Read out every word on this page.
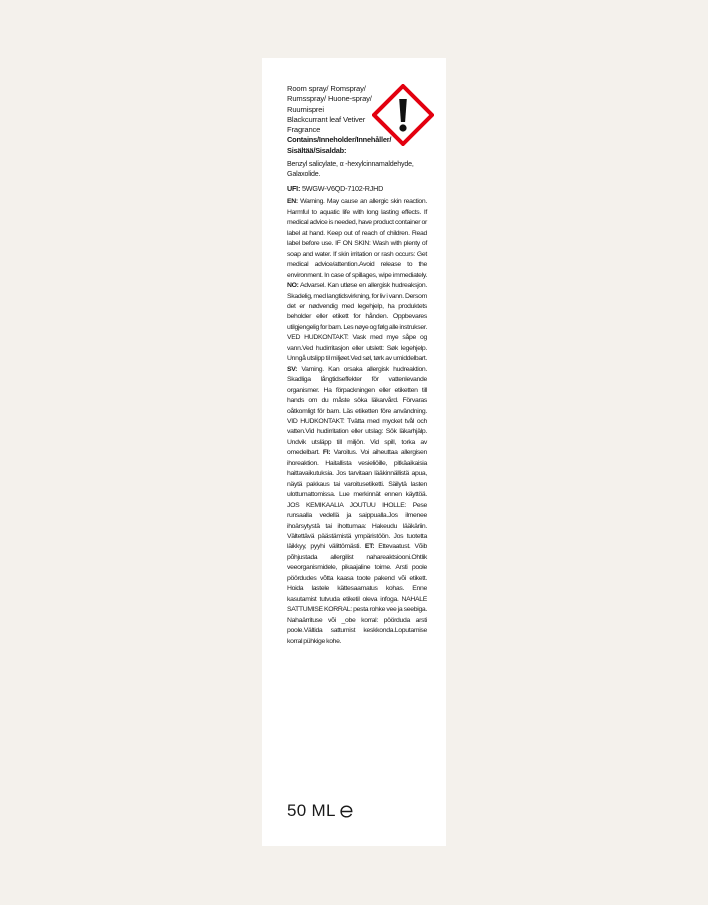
Room spray/ Romspray/
Rumsspray/ Huone-spray/
Ruumisprei
Blackcurrant leaf Vetiver
Fragrance
Contains/Inneholder/Innehåller/
Sisältää/Sisaldab:
Benzyl salicylate, α -hexylcinnamaldehyde, Galaxolide.
UFI: 5WGW-V6QD-7102-RJHD
EN: Warning. May cause an allergic skin reaction. Harmful to aquatic life with long lasting effects. If medical advice is needed, have product container or label at hand. Keep out of reach of children. Read label before use. IF ON SKIN: Wash with plenty of soap and water. If skin irritation or rash occurs: Get medical advice/attention.Avoid release to the environment. In case of spillages, wipe immediately. NO: Advarsel. Kan utløse en allergisk hudreaksjon. Skadelig, med langtidsvirkning, for liv i vann. Dersom det er nødvendig med legehjelp, ha produktets beholder eller etikett for hånden. Oppbevares utilgjengelig for barn. Les nøye og følg alle instrukser. VED HUDKONTAKT: Vask med mye såpe og vann.Ved hudirritasjon eller utslett: Søk legehjelp. Unngå utslipp til miljøet.Ved søl, tørk av umiddelbart. SV: Varning. Kan orsaka allergisk hudreaktion. Skadliga långtidseffekter för vattenlevande organismer. Ha förpackningen eller etiketten till hands om du måste söka läkarvård. Förvaras oåtkomligt för barn. Läs etiketten före användning. VID HUDKONTAKT: Tvätta med mycket tvål och vatten.Vid hudirritation eller utslag: Sök läkarhjälp. Undvik utsläpp till miljön. Vid spill, torka av omedelbart. FI: Varoitus. Voi aiheuttaa allergisen ihoreaktion. Haitallista vesieliöille, pitkäaikaisia haittavaikutuksia. Jos tarvitaan lääkinnällistä apua, näytä pakkaus tai varoitusetiketti. Säilytä lasten ulottumattomissa. Lue merkinnät ennen käyttöä. JOS KEMIKAALIA JOUTUU IHOLLE: Pese runsaalla vedellä ja saippualla.Jos ilmenee ihoärsytystä tai ihottumaa: Hakeudu lääkäriin. Vältettävä päästämistä ympäristöön. Jos tuotetta läikkyy, pyyhi välittömästi. ET: Ettevaatust. Võib põhjustada allergilist nahareaktsiooni.Ohtlik veeorganismidele, pikaajaline toime. Arsti poole pöördudes võtta kaasa toote pakend või etikett. Hoida lastele kättesaamatus kohas. Enne kasutamist tutvuda etiketil oleva infoga. NAHALE SATTUMISE KORRAL: pesta rohke vee ja seebiga. Nahaärrituse või _obe korral: pöörduda arsti poole.Vältida sattumist keskkonda.Loputamise korral pühkige kohe.
50 ML
